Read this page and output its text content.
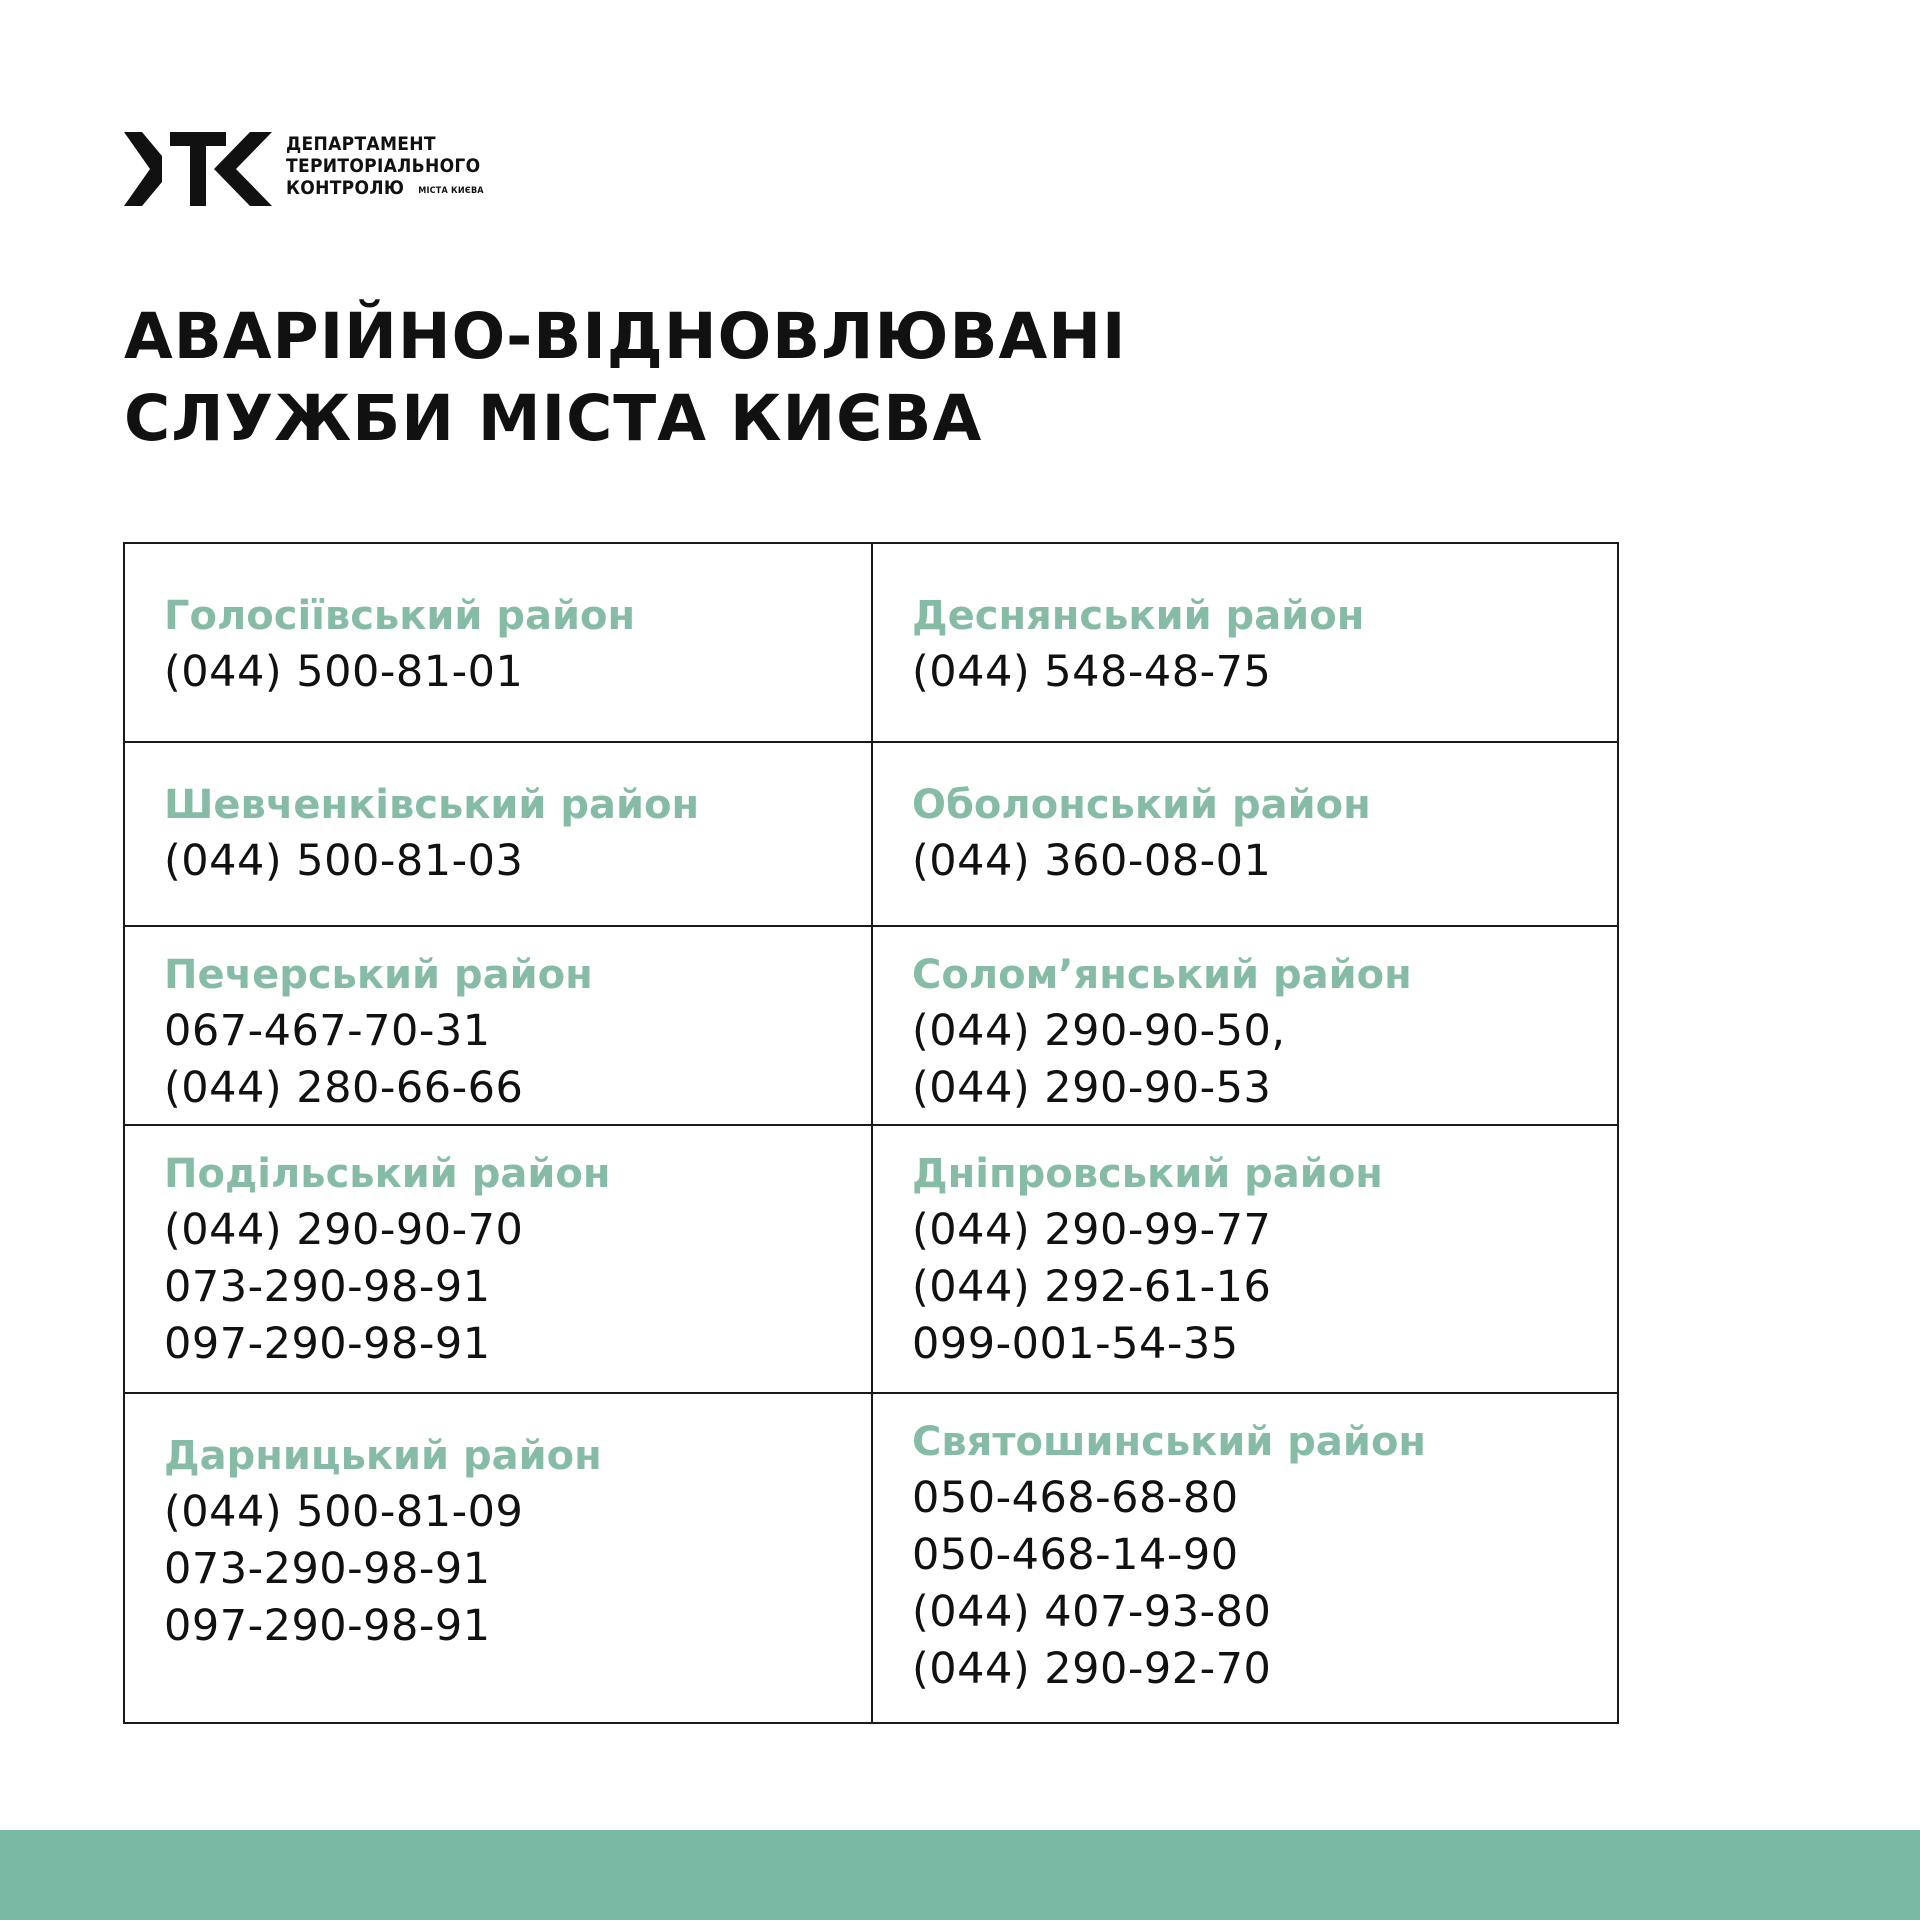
ДЕПАРТАМЕНТ
ТЕРИТОРІАЛЬНОГО
КОНТРОЛЮ МІСТА КИЄВА
АВАРІЙНО-ВІДНОВЛЮВАНІ
СЛУЖБИ МІСТА КИЄВА
Голосіївський район
(044) 500-81-01
Деснянський район
(044) 548-48-75
Шевченківський район
(044) 500-81-03
Оболонський район
(044) 360-08-01
Печерський район
067-467-70-31
(044) 280-66-66
Солом’янський район
(044) 290-90-50,
(044) 290-90-53
Подільський район
(044) 290-90-70
073-290-98-91
097-290-98-91
Дніпровський район
(044) 290-99-77
(044) 292-61-16
099-001-54-35
Дарницький район
(044) 500-81-09
073-290-98-91
097-290-98-91
Святошинський район
050-468-68-80
050-468-14-90
(044) 407-93-80
(044) 290-92-70
